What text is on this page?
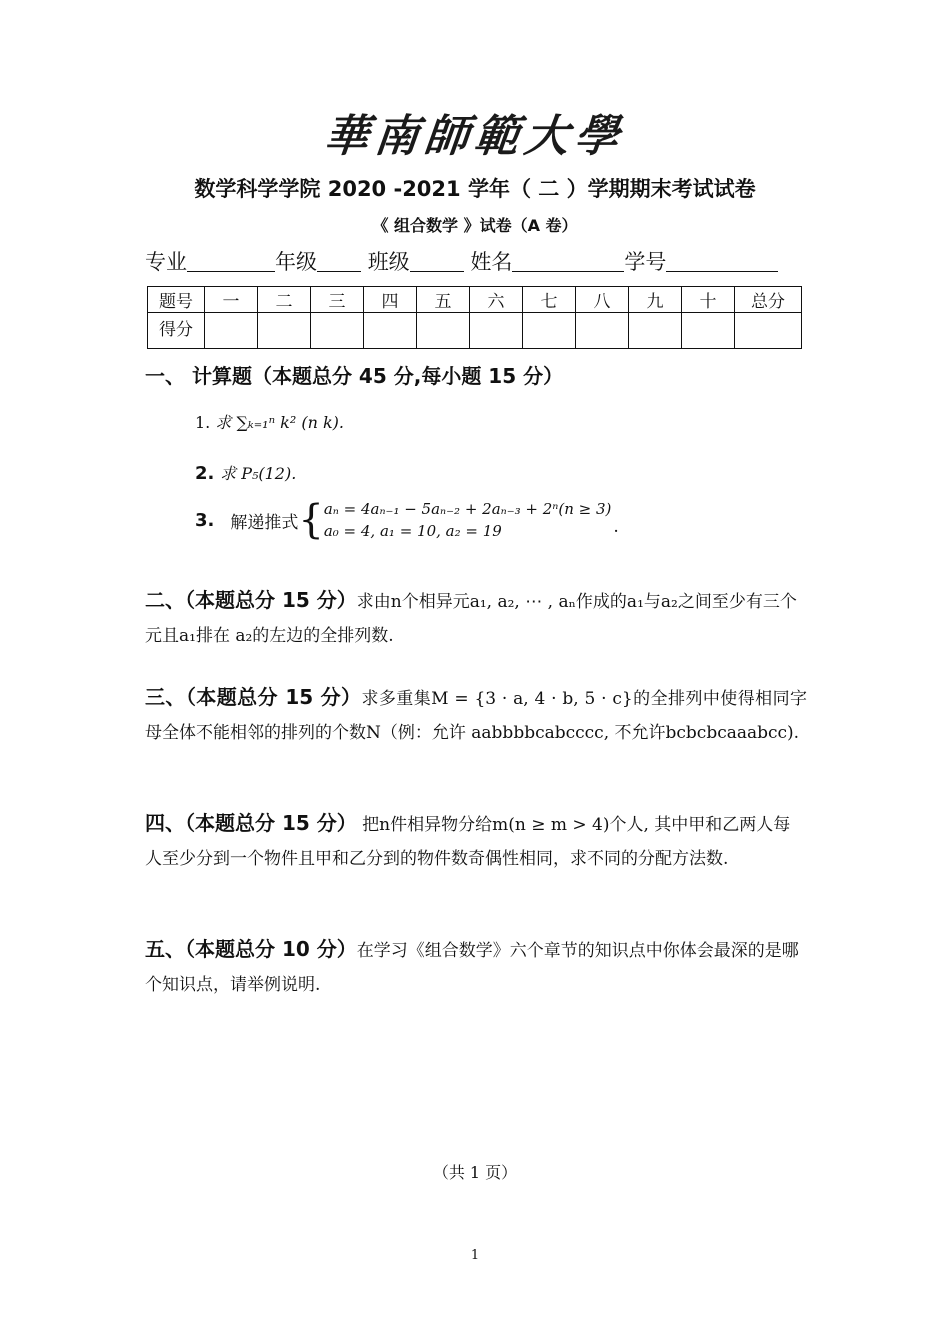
華南師範大學
数学科学学院 2020 -2021 学年（ 二 ）学期期末考试试卷
《 组合数学 》试卷（A 卷）
专业	年级 班级	姓名	学号
题号	一	二	三	四	五	六	七	八	九	十	总分
得分											
一、 计算题（本题总分 45 分,每小题 15 分）
1. 求 ∑ₖ₌₁ⁿ k² (n k).
2. 求 P₅(12).
3. 解递推式 { aₙ = 4aₙ₋₁ − 5aₙ₋₂ + 2aₙ₋₃ + 2ⁿ(n ≥ 3)
a₀ = 4, a₁ = 10, a₂ = 19	.
二、（本题总分 15 分）求由n个相异元a₁, a₂, ⋯ , aₙ作成的a₁与a₂之间至少有三个元且a₁排在 a₂的左边的全排列数.
三、（本题总分 15 分）求多重集M = {3 · a, 4 · b, 5 · c}的全排列中使得相同字母全体不能相邻的排列的个数N（例：允许 aabbbbcabcccc, 不允许bcbcbcaaabcc).
四、（本题总分 15 分） 把n件相异物分给m(n ≥ m > 4)个人, 其中甲和乙两人每人至少分到一个物件且甲和乙分到的物件数奇偶性相同，求不同的分配方法数.
五、（本题总分 10 分）在学习《组合数学》六个章节的知识点中你体会最深的是哪个知识点，请举例说明.
（共 1 页）
1
